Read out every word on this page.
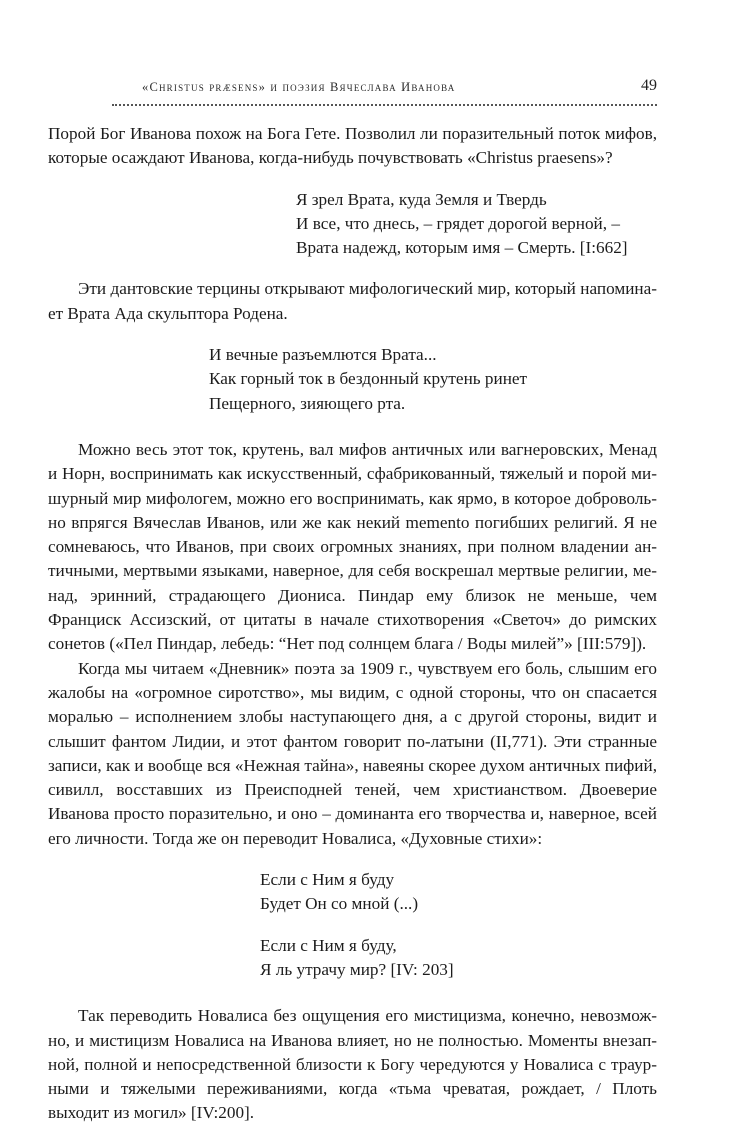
«Christus præsens» и поэзия Вячеслава Иванова	49

Порой Бог Иванова похож на Бога Гете. Позволил ли поразительный поток мифов, которые осаждают Иванова, когда-нибудь почувствовать «Christus praesens»?

Я зрел Врата, куда Земля и Твердь
И все, что днесь, – грядет дорогой верной, –
Врата надежд, которым имя – Смерть. [I:662]

Эти дантовские терцины открывают мифологический мир, который напоминает Врата Ада скульптора Родена.

И вечные разъемлются Врата...
Как горный ток в бездонный крутень ринет
Пещерного, зияющего рта.

Можно весь этот ток, крутень, вал мифов античных или вагнеровских, Менад и Норн, воспринимать как искусственный, сфабрикованный, тяжелый и порой мишурный мир мифологем, можно его воспринимать, как ярмо, в которое добровольно впрягся Вячеслав Иванов, или же как некий memento погибших религий. Я не сомневаюсь, что Иванов, при своих огромных знаниях, при полном владении античными, мертвыми языками, наверное, для себя воскрешал мертвые религии, менад, эринний, страдающего Диониса. Пиндар ему близок не меньше, чем Франциск Ассизский, от цитаты в начале стихотворения «Светоч» до римских сонетов («Пел Пиндар, лебедь: “Нет под солнцем блага / Воды милей”» [III:579]).

Когда мы читаем «Дневник» поэта за 1909 г., чувствуем его боль, слышим его жалобы на «огромное сиротство», мы видим, с одной стороны, что он спасается моралью – исполнением злобы наступающего дня, а с другой стороны, видит и слышит фантом Лидии, и этот фантом говорит по-латыни (II,771). Эти странные записи, как и вообще вся «Нежная тайна», навеяны скорее духом античных пифий, сивилл, восставших из Преисподней теней, чем христианством. Двоеверие Иванова просто поразительно, и оно – доминанта его творчества и, наверное, всей его личности. Тогда же он переводит Новалиса, «Духовные стихи»:

Если с Ним я буду
Будет Он со мной (...)
Если с Ним я буду,
Я ль утрачу мир? [IV: 203]

Так переводить Новалиса без ощущения его мистицизма, конечно, невозможно, и мистицизм Новалиса на Иванова влияет, но не полностью. Моменты внезапной, полной и непосредственной близости к Богу чередуются у Новалиса с траурными и тяжелыми переживаниями, когда «тьма чреватая, рождает, / Плоть выходит из могил» [IV:200].
